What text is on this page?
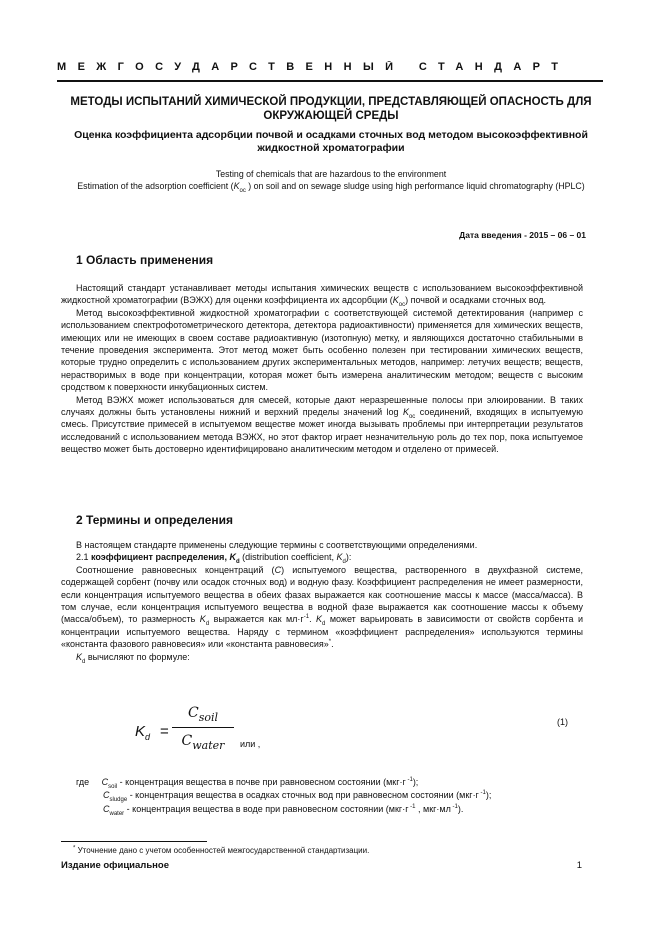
МЕЖГОСУДАРСТВЕННЫЙ СТАНДАРТ
МЕТОДЫ ИСПЫТАНИЙ ХИМИЧЕСКОЙ ПРОДУКЦИИ, ПРЕДСТАВЛЯЮЩЕЙ ОПАСНОСТЬ ДЛЯ ОКРУЖАЮЩЕЙ СРЕДЫ
Оценка коэффициента адсорбции почвой и осадками сточных вод методом высокоэффективной жидкостной хроматографии
Testing of chemicals that are hazardous to the environment
Estimation of the adsorption coefficient ($K_{oc}$ ) on soil and on sewage sludge using high performance liquid chromatography (HPLC)
Дата введения - 2015 – 06 – 01
1 Область применения

Настоящий стандарт устанавливает методы испытания химических веществ с использованием высокоэффективной жидкостной хроматографии (ВЭЖХ) для оценки коэффициента их адсорбции $(K_{oc})$ почвой и осадками сточных вод.

Метод высокоэффективной жидкостной хроматографии с соответствующей системой детектирования (например с использованием спектрофотометрического детектора, детектора радиоактивности) применяется для химических веществ, имеющих или не имеющих в своем составе радиоактивную (изотопную) метку, и являющихся достаточно стабильными в течение проведения эксперимента. Этот метод может быть особенно полезен при тестировании химических веществ, которые трудно определить с использованием других экспериментальных методов, например: летучих веществ; веществ, нерастворимых в воде при концентрации, которая может быть измерена аналитическим методом; веществ с высоким сродством к поверхности инкубационных систем.

Метод ВЭЖХ может использоваться для смесей, которые дают неразрешенные полосы при элюировании. В таких случаях должны быть установлены нижний и верхний пределы значений $\log K_{oc}$ соединений, входящих в испытуемую смесь. Присутствие примесей в испытуемом веществе может иногда вызывать проблемы при интерпретации результатов исследований с использованием метода ВЭЖХ, но этот фактор играет незначительную роль до тех пор, пока испытуемое вещество может быть достоверно идентифицировано аналитическим методом и отделено от примесей.

2 Термины и определения

В настоящем стандарте применены следующие термины с соответствующими определениями.

2.1 коэффициент распределения, $K_d$ (distribution coefficient, $K_d$):

Соотношение равновесных концентраций (C) испытуемого вещества, растворенного в двухфазной системе, содержащей сорбент (почву или осадок сточных вод) и водную фазу. Коэффициент распределения не имеет размерности, если концентрация испытуемого вещества в обеих фазах выражается как соотношение массы к массе (масса/масса). В том случае, если концентрация испытуемого вещества в водной фазе выражается как соотношение массы к объему (масса/объем), то размерность $K_d$ выражается как $мл\cdot г^{-1}$. $K_d$ может варьировать в зависимости от свойств сорбента и концентрации испытуемого вещества. Наряду с термином «коэффициент распределения» используются термины «константа фазового равновесия» или «константа равновесия»*.

$K_d$ вычисляют по формуле:

$K_d$ =
$C_{soil}$
$C_{water}$	или ,
(1)
где $C_{soil}$ - концентрация вещества в почве при равновесном состоянии (мкг·г $^{-1}$);
$C_{sludge}$ - концентрация вещества в осадках сточных вод при равновесном состоянии (мкг·г $^{-1}$);
$C_{water}$ - концентрация вещества в воде при равновесном состоянии (мкг·г $^{-1}$ , мкг·мл $^{-1}$).
* Уточнение дано с учетом особенностей межгосударственной стандартизации.
Издание официальное	1
